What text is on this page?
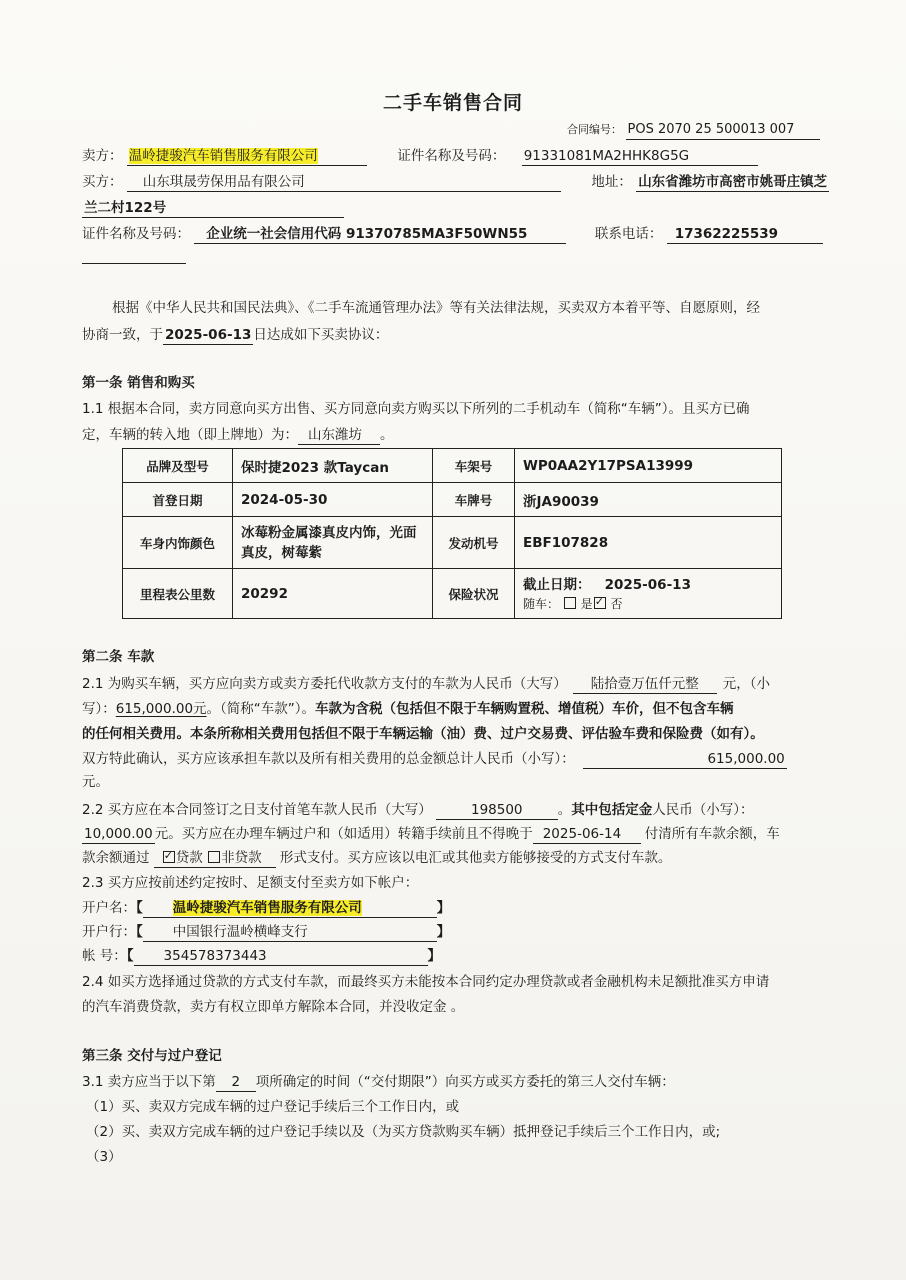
二手车销售合同
合同编号： POS 2070 25 500013 007
卖方： 温岭捷骏汽车销售服务有限公司	证件名称及号码： 91331081MA2HHK8G5G
买方： 山东琪晟劳保用品有限公司	地址： 山东省潍坊市高密市姚哥庄镇芝
兰二村122号
证件名称及号码： 企业统一社会信用代码 91370785MA3F50WN55	联系电话： 17362225539
根据《中华人民共和国民法典》、《二手车流通管理办法》等有关法律法规，买卖双方本着平等、自愿原则，经
协商一致，于 2025-06-13 日达成如下买卖协议：
第一条 销售和购买
1.1 根据本合同，卖方同意向买方出售、买方同意向卖方购买以下所列的二手机动车（简称“车辆”）。且买方已确
定，车辆的转入地（即上牌地）为： 山东潍坊 。
品牌及型号	保时捷2023 款Taycan	车架号	WP0AA2Y17PSA13999
首登日期	2024-05-30	车牌号	浙JA90039
车身内饰颜色	冰莓粉金属漆真皮内饰，光面真皮，树莓紫	发动机号	EBF107828
里程表公里数	20292	保险状况	截止日期： 2025-06-13
随车： 是 ✓ 否
第二条 车款
2.1 为购买车辆，买方应向卖方或卖方委托代收款方支付的车款为人民币（大写） 陆拾壹万伍仟元整 元，（小
写）：615,000.00元。（简称“车款”）。车款为含税（包括但不限于车辆购置税、增值税）车价，但不包含车辆
的任何相关费用。本条所称相关费用包括但不限于车辆运输（油）费、过户交易费、评估验车费和保险费（如有）。
双方特此确认，买方应该承担车款以及所有相关费用的总金额总计人民币（小写）：	615,000.00
元。
2.2 买方应在本合同签订之日支付首笔车款人民币（大写）	198500	。其中包括定金人民币（小写）：
10,000.00 元。买方应在办理车辆过户和（如适用）转籍手续前且不得晚于 2025-06-14 付清所有车款余额，车
款余额通过 ✓ 贷款 非贷款 形式支付。买方应该以电汇或其他卖方能够接受的方式支付车款。
2.3 买方应按前述约定按时、足额支付至卖方如下帐户：
开户名：【 温岭捷骏汽车销售服务有限公司	】
开户行：【 中国银行温岭横峰支行	】
帐 号：【 354578373443	】
2.4 如买方选择通过贷款的方式支付车款，而最终买方未能按本合同约定办理贷款或者金融机构未足额批准买方申请
的汽车消费贷款，卖方有权立即单方解除本合同，并没收定金 。
第三条 交付与过户登记
3.1 卖方应当于以下第 2 项所确定的时间（“交付期限”）向买方或买方委托的第三人交付车辆：
（1）买、卖双方完成车辆的过户登记手续后三个工作日内，或
（2）买、卖双方完成车辆的过户登记手续以及（为买方贷款购买车辆）抵押登记手续后三个工作日内，或;
（3）
